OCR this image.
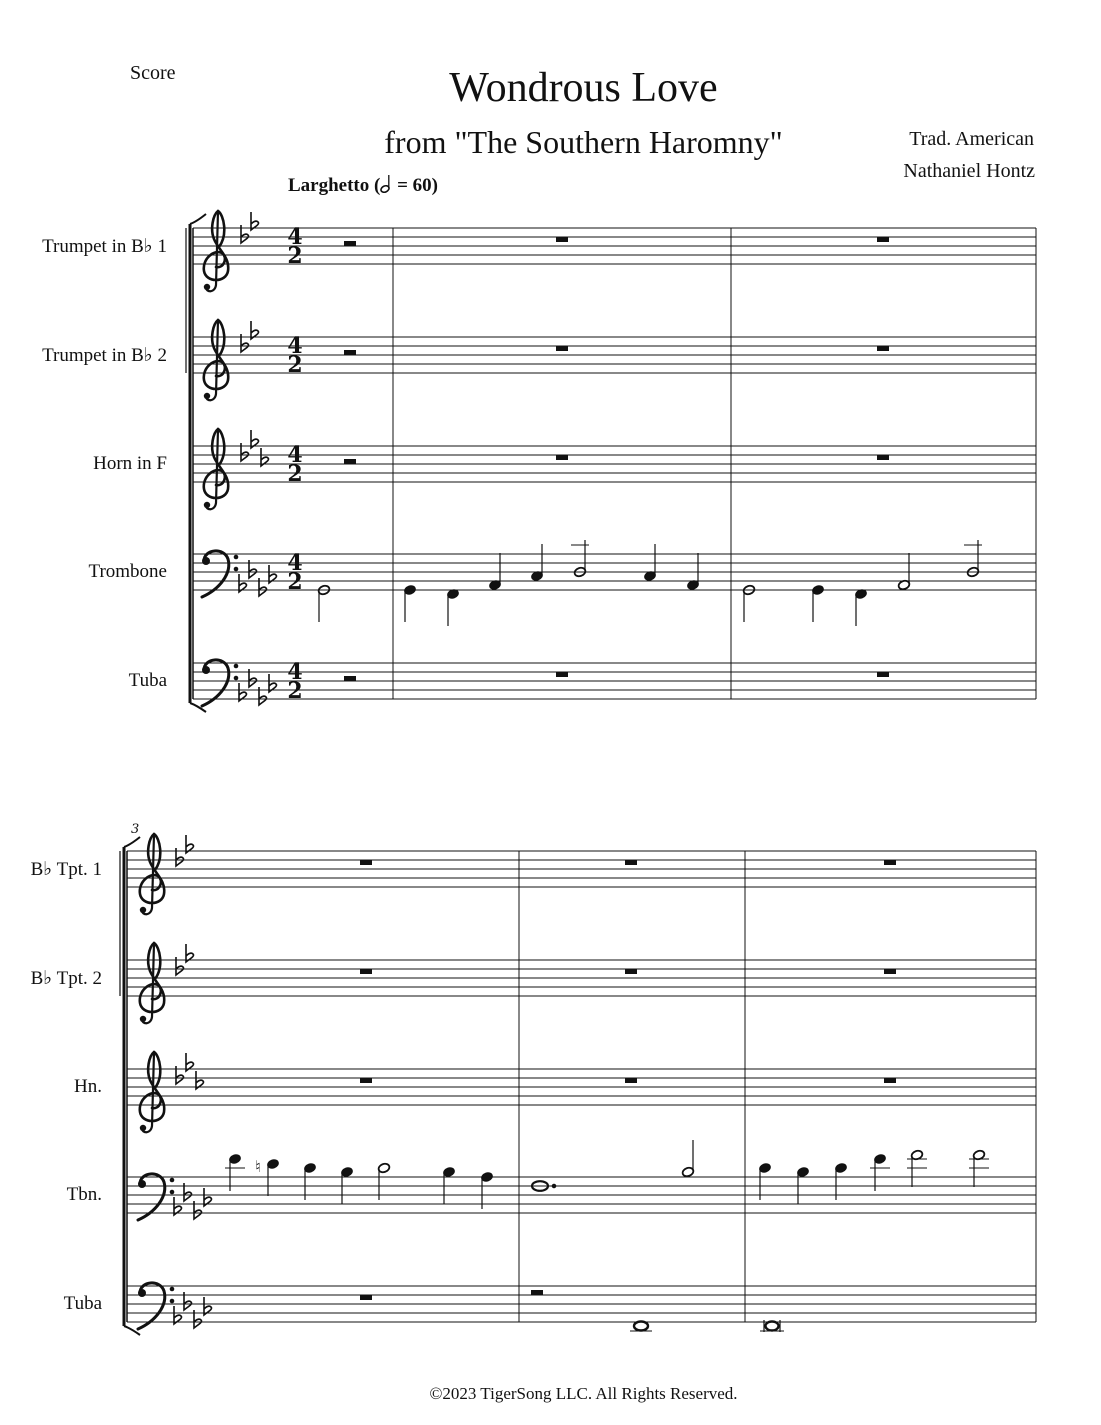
Score	Wondrous Love
from "The Southern Haromny"	Trad. American
Nathaniel Hontz
Larghetto ( = 60)
Trumpet in B♭ 1
Trumpet in B♭ 2
Horn in F
Trombone
Tuba
B♭ Tpt. 1
B♭ Tpt. 2
Hn.
Tbn.
Tuba
4
2
4
2
4
2
4
2
4
2
3
♮
©2023 TigerSong LLC. All Rights Reserved.
